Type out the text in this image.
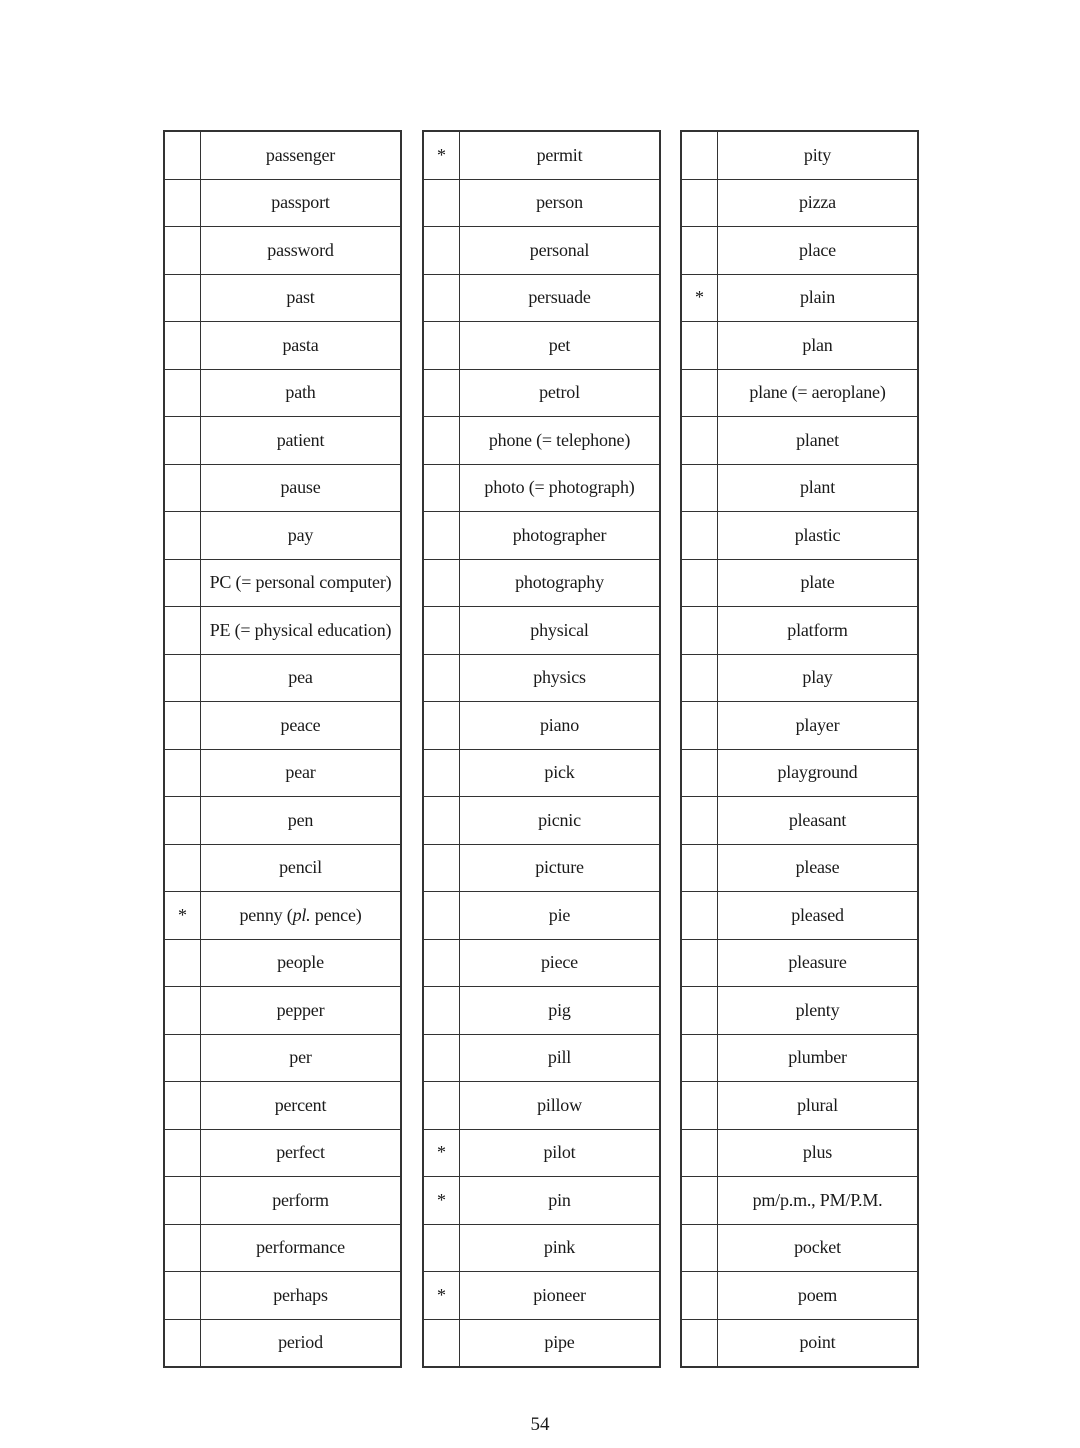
	passenger
	passport
	password
	past
	pasta
	path
	patient
	pause
	pay
	PC (= personal computer)
	PE (= physical education)
	pea
	peace
	pear
	pen
	pencil
*	penny (pl. pence)
	people
	pepper
	per
	percent
	perfect
	perform
	performance
	perhaps
	period
*	permit
	person
	personal
	persuade
	pet
	petrol
	phone (= telephone)
	photo (= photograph)
	photographer
	photography
	physical
	physics
	piano
	pick
	picnic
	picture
	pie
	piece
	pig
	pill
	pillow
*	pilot
*	pin
	pink
*	pioneer
	pipe
	pity
	pizza
	place
*	plain
	plan
	plane (= aeroplane)
	planet
	plant
	plastic
	plate
	platform
	play
	player
	playground
	pleasant
	please
	pleased
	pleasure
	plenty
	plumber
	plural
	plus
	pm/p.m., PM/P.M.
	pocket
	poem
	point
54
